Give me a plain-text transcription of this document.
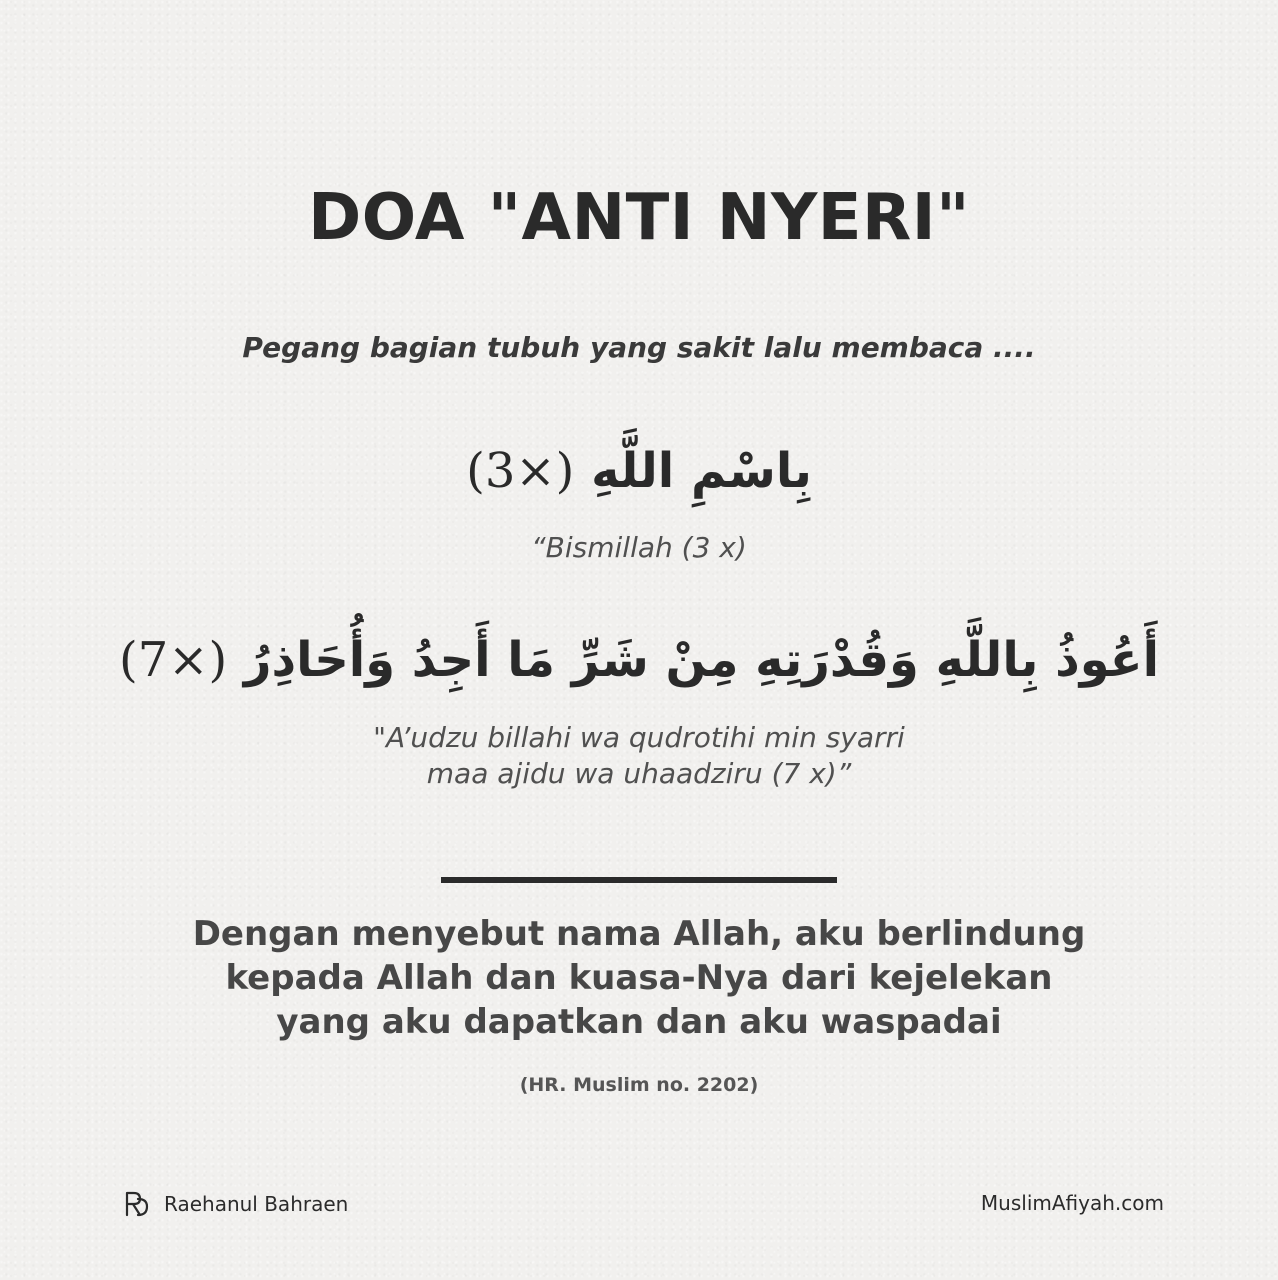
DOA "ANTI NYERI"
Pegang bagian tubuh yang sakit lalu membaca ....
بِاسْمِ اللَّهِ (×3)
“Bismillah (3 x)
أَعُوذُ بِاللَّهِ وَقُدْرَتِهِ مِنْ شَرِّ مَا أَجِدُ وَأُحَاذِرُ (×7)
"A’udzu billahi wa qudrotihi min syarri
maa ajidu wa uhaadziru (7 x)”
Dengan menyebut nama Allah, aku berlindung
kepada Allah dan kuasa-Nya dari kejelekan
yang aku dapatkan dan aku waspadai
(HR. Muslim no. 2202)
Raehanul Bahraen	MuslimAfiyah.com
